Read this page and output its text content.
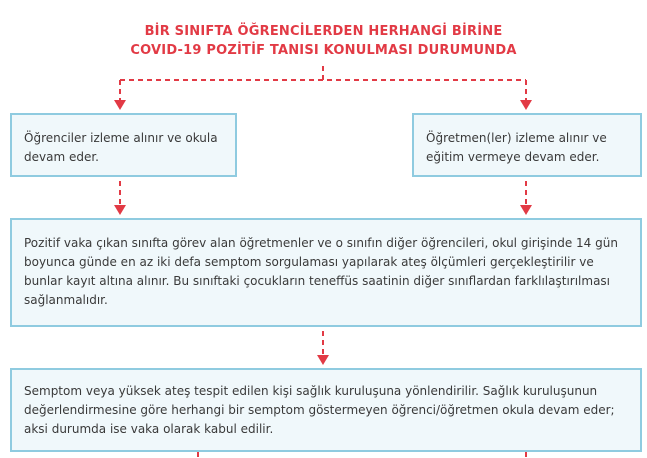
BİR SINIFTA ÖĞRENCİLERDEN HERHANGİ BİRİNE
COVID-19 POZİTİF TANISI KONULMASI DURUMUNDA
Öğrenciler izleme alınır ve okula devam eder.
Öğretmen(ler) izleme alınır ve eğitim vermeye devam eder.
Pozitif vaka çıkan sınıfta görev alan öğretmenler ve o sınıfın diğer öğrencileri, okul girişinde 14 gün boyunca günde en az iki defa semptom sorgulaması yapılarak ateş ölçümleri gerçekleştirilir ve bunlar kayıt altına alınır. Bu sınıftaki çocukların teneffüs saatinin diğer sınıflardan farklılaştırılması sağlanmalıdır.
Semptom veya yüksek ateş tespit edilen kişi sağlık kuruluşuna yönlendirilir. Sağlık kuruluşunun değerlendirmesine göre herhangi bir semptom göstermeyen öğrenci/öğretmen okula devam eder; aksi durumda ise vaka olarak kabul edilir.
